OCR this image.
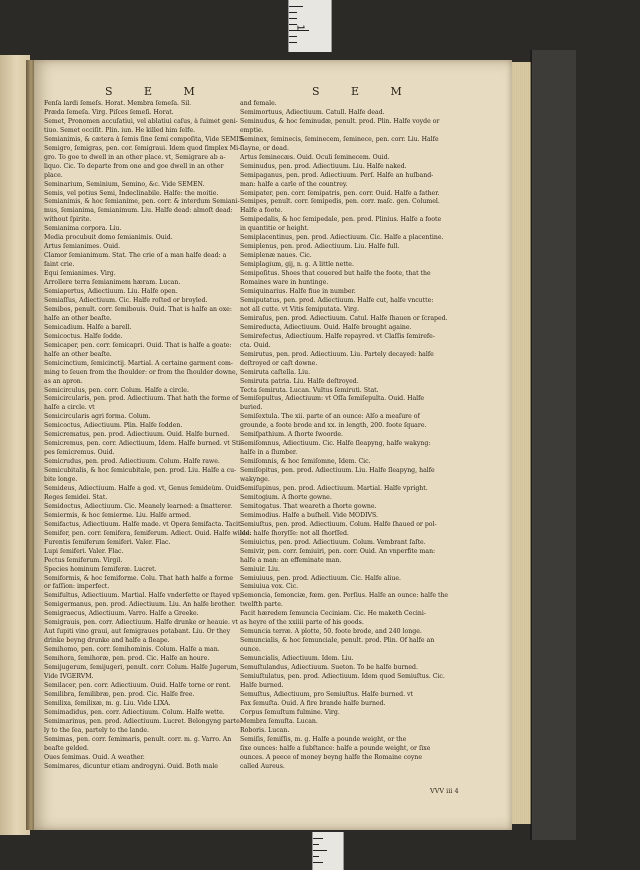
1
S E M	S E M
Fenſa lardi ſemeſs. Horat. Membra ſemeſa. Sil.
Præda ſemeſa. Virg. Piſces ſemeſi. Horat.
Semet, Pronomen accuſatiui, vel ablatiui caſus, à ſuimet geni-
tiuo. Semet occiſit. Plin. iun. He killed him ſelfe.
Semianimis, & cætera à ſemis ſine ſemi compoſita, Vide SEMIS.
Semigro, ſemigras, pen. cor. ſemigraui. Idem quod ſimplex Mi-
gro. To goe to dwell in an other place. vt, Semigrare ab a-
liquo. Cic. To departe from one and goe dwell in an other
place.
Seminarium, Seminium, Semino, &c. Vide SEMEN.
Semis, vel potius Semi, Indeclinabile. Halfe: the moitie.
Semianimis, & hoc ſemianime, pen. corr. & interdum Semiani-
mus, ſemianima, ſemianimum. Liu. Halfe dead: almoſt dead:
without ſpirite.
Semianima corpora. Liu.
Media procubuit domo ſemianimis. Ouid.
Artus ſemianimes. Ouid.
Clamor ſemianimum. Stat. The crie of a man halfe dead: a
faint crie.
Equi ſemianimes. Virg.
Arrollere terra ſemianimem hæram. Lucan.
Semiapertus, Adiectiuum. Liu. Halfe open.
Semiaſſus, Adiectiuum. Cic. Halfe roſted or broyled.
Semibos, penult. corr. ſemibouis. Ouid. That is halfe an oxe:
halfe an other beaſte.
Semicadium. Halfe a barell.
Semicoctus. Halfe ſodde.
Semicaper, pen. corr. ſemicapri. Ouid. That is halfe a goate:
halfe an other beaſte.
Semicinctium, ſemicinctij. Martial. A certaine garment com-
ming to ſeuen from the ſhoulder: or from the ſhoulder downe,
as an apron.
Semicirculus, pen. corr. Colum. Halfe a circle.
Semicircularis, pen. prod. Adiectiuum. That hath the forme of
halfe a circle. vt
Semicircularis agri forma. Colum.
Semicoctus, Adiectiuum. Plin. Halfe ſodden.
Semicrematus, pen. prod. Adiectiuum. Ouid. Halfe burned.
Semicremus, pen. corr. Adiectiuum, Idem. Halfe burned. vt Sti-
pes ſemicremus. Ouid.
Semicrudus, pen. prod. Adiectiuum. Colum. Halfe rawe.
Semicubitalis, & hoc ſemicubitale, pen. prod. Liu. Halfe a cu-
bite longe.
Semideus, Adiectiuum. Halfe a god. vt, Genus ſemideûm. Ouid.
Reges ſemidei. Stat.
Semidoctus, Adiectiuum. Cic. Meanely learned: a ſmatterer.
Semiermis, & hoc ſemierme. Liu. Halfe armed.
Semifactus, Adiectiuum. Halfe made. vt Opera ſemifacta. Tacit.
Semifer, pen. corr. ſemifera, ſemiferum. Adiect. Ouid. Halfe wilde.
Furentis ſemiferum ſemiferi. Valer. Flac.
Lupi ſemiferi. Valer. Flac.
Pectus ſemiferum. Virgil.
Species hominum ſemiferæ. Lucret.
Semiformis, & hoc ſemiforme. Colu. That hath halfe a forme
or faſſion: imperfect.
Semifultus, Adiectiuum. Martial. Halfe vnderſette or ſtayed vp.
Semigermanus, pen. prod. Adiectiuum. Liu. An halfe brother.
Semigraecus, Adiectiuum. Varro. Halfe a Greeke.
Semigrauis, pen. corr. Adiectiuum. Halfe drunke or heauie. vt
Aut ſupiti vino graui, aut ſemigraues potabant. Liu. Or they
drinke beyng drunke and halfe a ſleape.
Semihomo, pen. corr. ſemihominis. Colum. Halfe a man.
Semihora, ſemihoræ, pen. prod. Cic. Halfe an houre.
Semijugerum, ſemijugeri, penult. corr. Colum. Halfe Jugerum,
Vide IVGERVM.
Semilacer, pen. corr. Adiectiuum. Ouid. Halfe torne or rent.
Semilibra, ſemilibræ, pen. prod. Cic. Halfe free.
Semilixa, ſemilixæ, m. g. Liu. Vide LIXA.
Semimadidus, pen. corr. Adiectiuum. Colum. Halfe wette.
Semimarinus, pen. prod. Adiectiuum. Lucret. Belongyng parte-
ly to the ſea, partely to the lande.
Semimas, pen. corr. ſemimaris, penult. corr. m. g. Varro. An
beaſte gelded.
Oues ſemimas. Ouid. A weather.
Semimares, dicuntur etiam androgyni. Ouid. Both male
and female.
Semimortuus, Adiectiuum. Catull. Halfe dead.
Seminudus, & hoc ſeminudæ, penult. prod. Plin. Halfe voyde or
emptie.
Seminex, ſeminecis, ſeminecem, ſeminece, pen. corr. Liu. Halfe
ſlayne, or dead.
Artus ſeminecæs. Ouid. Oculi ſeminecem. Ouid.
Seminudus, pen. prod. Adiectiuum. Liu. Halfe naked.
Semipaganus, pen. prod. Adiectiuum. Perſ. Halfe an huſband-
man: halfe a carle of the countrey.
Semipater, pen. corr. ſemipatris, pen. corr. Ouid. Halfe a father.
Semipes, penult. corr. ſemipedis, pen. corr. maſc. gen. Columel.
Halfe a foote.
Semipedalis, & hoc ſemipedale, pen. prod. Plinius. Halfe a foote
in quantitie or height.
Semiplacentinus, pen. prod. Adiectiuum. Cic. Halfe a placentine.
Semiplenus, pen. prod. Adiectiuum. Liu. Halfe full.
Semiplenæ naues. Cic.
Semiplagium, gij, n. g. A little nette.
Semipoſitus. Shoes that couered but halfe the foote, that the
Romaines ware in huntinge.
Semiquinarius. Halfe fiue in number.
Semiputatus, pen. prod. Adiectiuum. Halfe cut, halfe vncutte:
not all cutte. vt Vitis ſemiputata. Virg.
Semiraſus, pen. prod. Adiectiuum. Catul. Halfe ſhauen or ſcraped.
Semireducta, Adiectiuum. Ouid. Halfe brought againe.
Semirefectus, Adiectiuum. Halfe repayred. vt Claſſis ſemirefe-
cta. Ouid.
Semirutus, pen. prod. Adiectiuum. Liu. Partely decayed: halfe
deſtroyed or caſt downe.
Semiruta caſtella. Liu.
Semiruta patria. Liu. Halfe deſtroyed.
Tecta ſemiruta. Lucan. Vultus ſemiruti. Stat.
Semiſepultus, Adiectiuum: vt Oſſa ſemiſepulta. Ouid. Halfe
buried.
Semiſextula. The xii. parte of an ounce: Alſo a meaſure of
grounde, a foote brode and xx. in length, 200. foote ſquare.
Semiſpathium. A ſhorte ſwoorde.
Semiſomnus, Adiectiuum. Cic. Halfe ſleapyng, halfe wakyng:
halfe in a ſlumber.
Semiſomnis, & hoc ſemiſomne, Idem. Cic.
Semiſopitus, pen. prod. Adiectiuum. Liu. Halfe ſleapyng, halfe
wakynge.
Semiſupinus, pen. prod. Adiectiuum. Martial. Halfe vpright.
Semitogium. A ſhorte gowne.
Semitogatus. That weareth a ſhorte gowne.
Semimodius. Halfe a buſhell. Vide MODIVS.
Semiuſtus, pen. prod. Adiectiuum. Colum. Halfe ſhaued or pol-
led: halfe ſhoryſſe: not all ſhorſſed.
Semiuictus, pen. prod. Adiectiuum. Colum. Vembrant ſaſte.
Semivir, pen. corr. ſemiuiri, pen. corr. Ouid. An vnperfite man:
halfe a man: an effeminate man.
Semiuir. Liu.
Semiuiuus, pen. prod. Adiectiuum. Cic. Halfe aliue.
Semiuiua vox. Cic.
Semoncia, ſemonciæ, fœm. gen. Perſius. Halfe an ounce: halfe the
twelfth parte.
Facit hæredem ſemuncia Ceciniam. Cic. He maketh Cecini-
as heyre of the xxiiii parte of his goods.
Semuncia terræ. A plotte, 50. foote brode, and 240 longe.
Semuncialis, & hoc ſemunciale, penult. prod. Plin. Of halfe an
ounce.
Semuncialis, Adiectiuum. Idem. Liu.
Semuſtulandus, Adiectiuum. Sueton. To be halfe burned.
Semiuſtulatus, pen. prod. Adiectiuum. Idem quod Semiuſtus. Cic.
Halfe burned.
Semuſtus, Adiectiuum, pro Semiuſtus. Halfe burned. vt
Fax ſemuſta. Ouid. A fire brande halfe burned.
Corpus ſemuſtum fulmine. Virg.
Membra ſemuſta. Lucan.
Roboris. Lucan.
Semiſis, ſemiſſis, m. g. Halfe a pounde weight, or the
ſixe ounces: halfe a ſubſtance: halfe a pounde weight, or ſixe
ounces. A peece of money beyng halfe the Romaine coyne
called Aureus.
VVV iii 4
